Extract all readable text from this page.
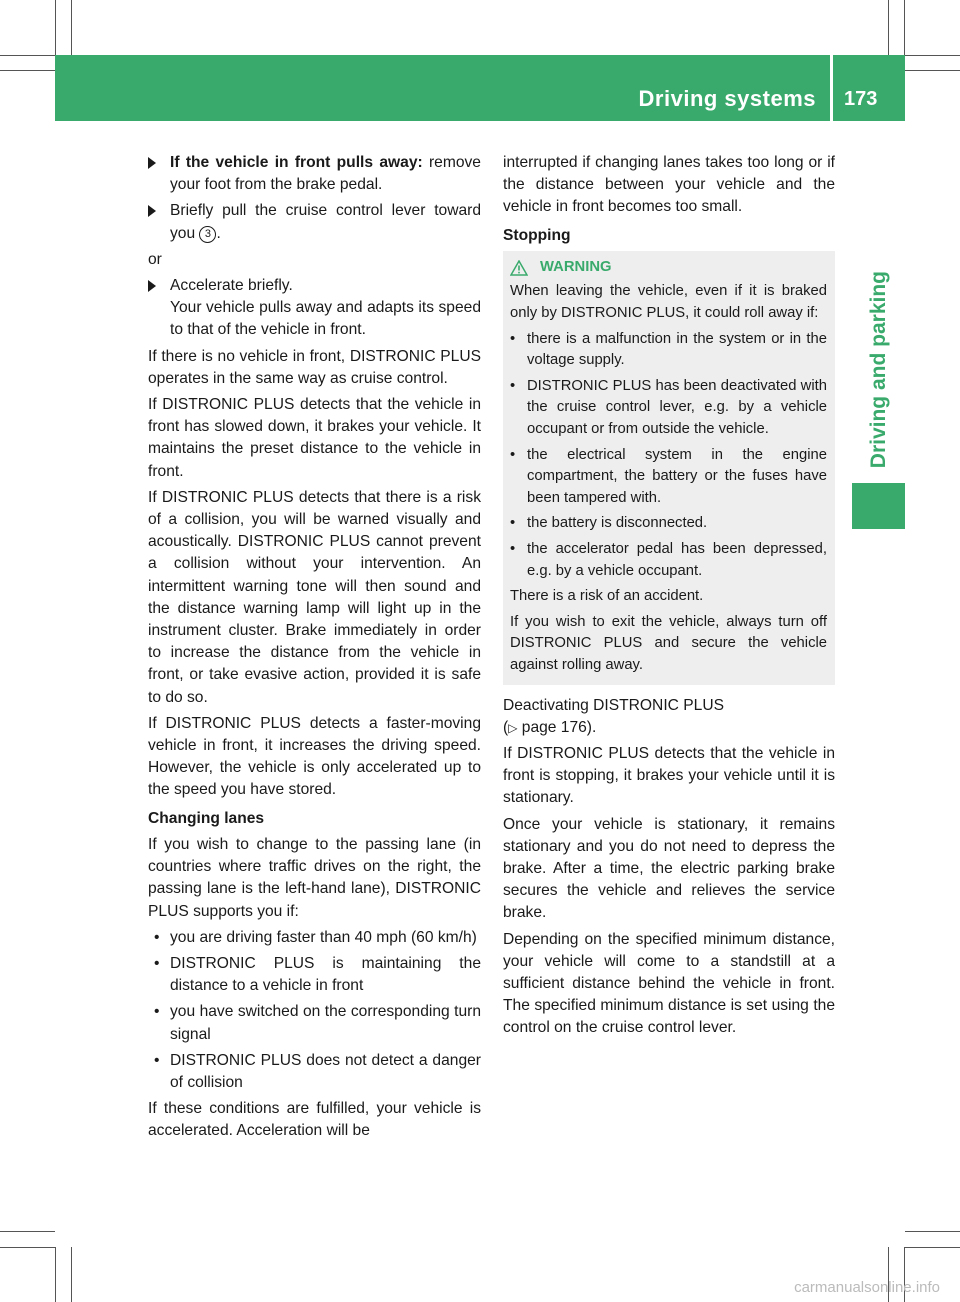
Driving systems 173
Driving and parking
If the vehicle in front pulls away: remove your foot from the brake pedal.
Briefly pull the cruise control lever toward you 3 .

or

Accelerate briefly.
Your vehicle pulls away and adapts its speed to that of the vehicle in front.

If there is no vehicle in front, DISTRONIC PLUS operates in the same way as cruise control.

If DISTRONIC PLUS detects that the vehicle in front has slowed down, it brakes your vehicle. It maintains the preset distance to the vehicle in front.

If DISTRONIC PLUS detects that there is a risk of a collision, you will be warned visually and acoustically. DISTRONIC PLUS cannot prevent a collision without your intervention. An intermittent warning tone will then sound and the distance warning lamp will light up in the instrument cluster. Brake immediately in order to increase the distance from the vehicle in front, or take evasive action, provided it is safe to do so.

If DISTRONIC PLUS detects a faster-moving vehicle in front, it increases the driving speed. However, the vehicle is only accelerated up to the speed you have stored.

Changing lanes

If you wish to change to the passing lane (in countries where traffic drives on the right, the passing lane is the left-hand lane), DISTRONIC PLUS supports you if:

• you are driving faster than 40 mph (60 km/h)
• DISTRONIC PLUS is maintaining the distance to a vehicle in front
• you have switched on the corresponding turn signal
• DISTRONIC PLUS does not detect a danger of collision

If these conditions are fulfilled, your vehicle is accelerated. Acceleration will be

interrupted if changing lanes takes too long or if the distance between your vehicle and the vehicle in front becomes too small.

Stopping
WARNING

When leaving the vehicle, even if it is braked only by DISTRONIC PLUS, it could roll away if:

• there is a malfunction in the system or in the voltage supply.
• DISTRONIC PLUS has been deactivated with the cruise control lever, e.g. by a vehicle occupant or from outside the vehicle.
• the electrical system in the engine compartment, the battery or the fuses have been tampered with.
• the battery is disconnected.
• the accelerator pedal has been depressed, e.g. by a vehicle occupant.

There is a risk of an accident.

If you wish to exit the vehicle, always turn off DISTRONIC PLUS and secure the vehicle against rolling away.

Deactivating DISTRONIC PLUS
(▷ page 176).

If DISTRONIC PLUS detects that the vehicle in front is stopping, it brakes your vehicle until it is stationary.

Once your vehicle is stationary, it remains stationary and you do not need to depress the brake. After a time, the electric parking brake secures the vehicle and relieves the service brake.

Depending on the specified minimum distance, your vehicle will come to a standstill at a sufficient distance behind the vehicle in front. The specified minimum distance is set using the control on the cruise control lever.

carmanualsonline.info
